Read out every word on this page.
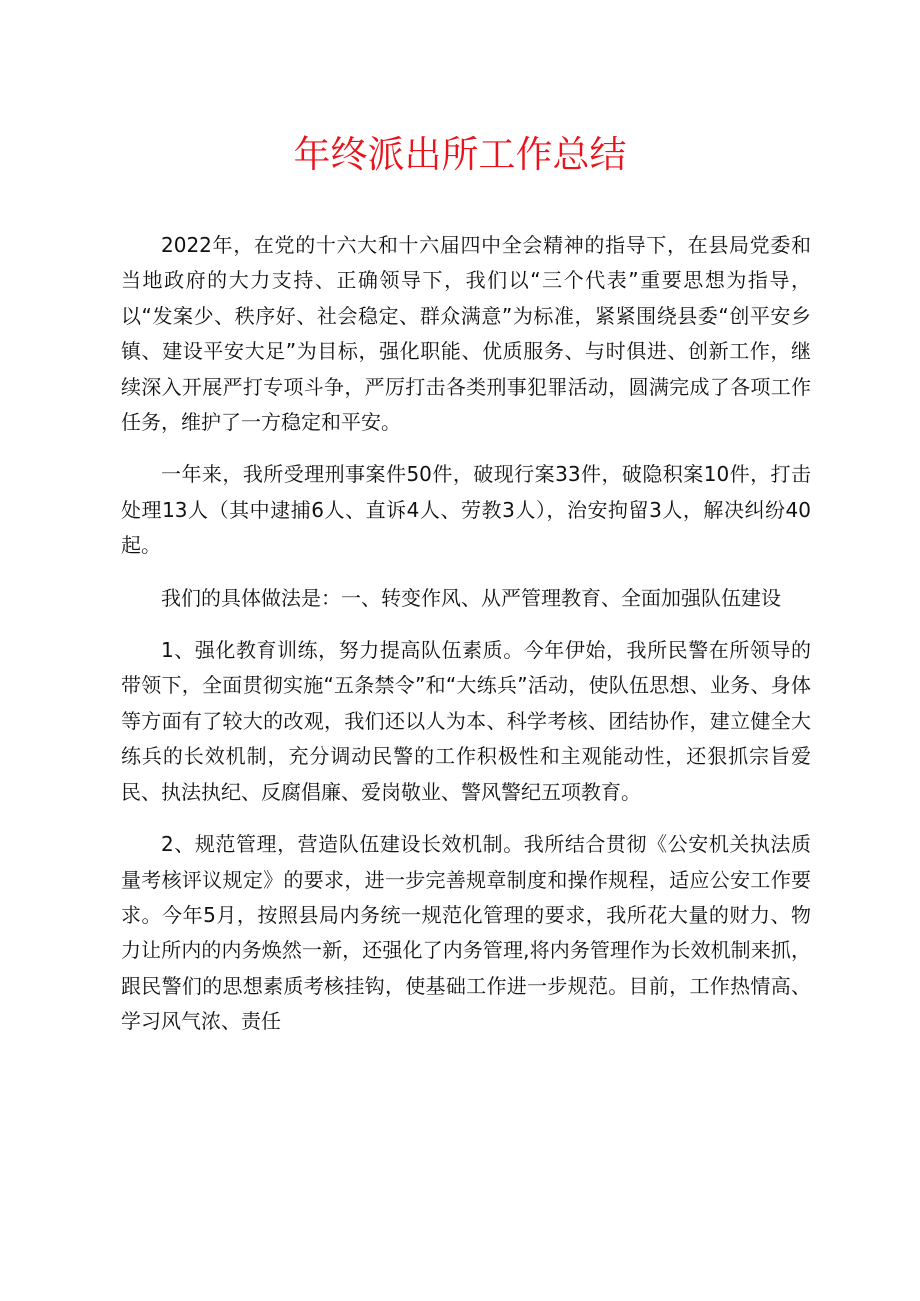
年终派出所工作总结

2022年，在党的十六大和十六届四中全会精神的指导下，在县局党委和当地政府的大力支持、正确领导下，我们以“三个代表”重要思想为指导，以“发案少、秩序好、社会稳定、群众满意”为标准，紧紧围绕县委“创平安乡镇、建设平安大足”为目标，强化职能、优质服务、与时俱进、创新工作，继续深入开展严打专项斗争，严厉打击各类刑事犯罪活动，圆满完成了各项工作任务，维护了一方稳定和平安。

一年来，我所受理刑事案件50件，破现行案33件，破隐积案10件，打击处理13人（其中逮捕6人、直诉4人、劳教3人），治安拘留3人，解决纠纷40起。

我们的具体做法是：一、转变作风、从严管理教育、全面加强队伍建设

1、强化教育训练，努力提高队伍素质。今年伊始，我所民警在所领导的带领下，全面贯彻实施“五条禁令”和“大练兵”活动，使队伍思想、业务、身体等方面有了较大的改观，我们还以人为本、科学考核、团结协作，建立健全大练兵的长效机制，充分调动民警的工作积极性和主观能动性，还狠抓宗旨爱民、执法执纪、反腐倡廉、爱岗敬业、警风警纪五项教育。

2、规范管理，营造队伍建设长效机制。我所结合贯彻《公安机关执法质量考核评议规定》的要求，进一步完善规章制度和操作规程，适应公安工作要求。今年5月，按照县局内务统一规范化管理的要求，我所花大量的财力、物力让所内的内务焕然一新，还强化了内务管理,将内务管理作为长效机制来抓，跟民警们的思想素质考核挂钩，使基础工作进一步规范。目前，工作热情高、学习风气浓、责任
